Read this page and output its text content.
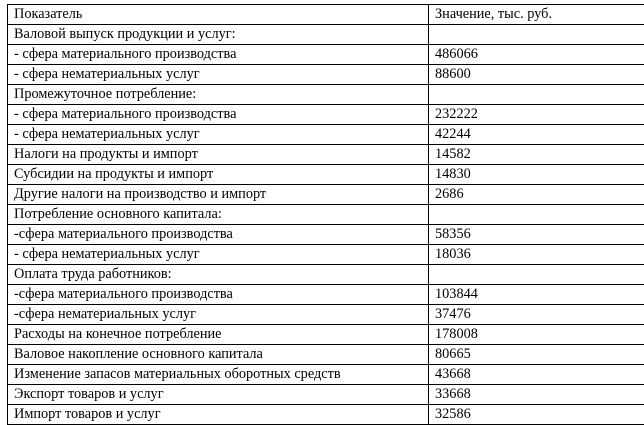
Показатель	Значение, тыс. руб.
Валовой выпуск продукции и услуг:	
- сфера материального производства	486066
- сфера нематериальных услуг	88600
Промежуточное потребление:	
- сфера материального производства	232222
- сфера нематериальных услуг	42244
Налоги на продукты и импорт	14582
Субсидии на продукты и импорт	14830
Другие налоги на производство и импорт	2686
Потребление основного капитала:	
-сфера материального производства	58356
- сфера нематериальных услуг	18036
Оплата труда работников:	
-сфера материального производства	103844
-сфера нематериальных услуг	37476
Расходы на конечное потребление	178008
Валовое накопление основного капитала	80665
Изменение запасов материальных оборотных средств	43668
Экспорт товаров и услуг	33668
Импорт товаров и услуг	32586
